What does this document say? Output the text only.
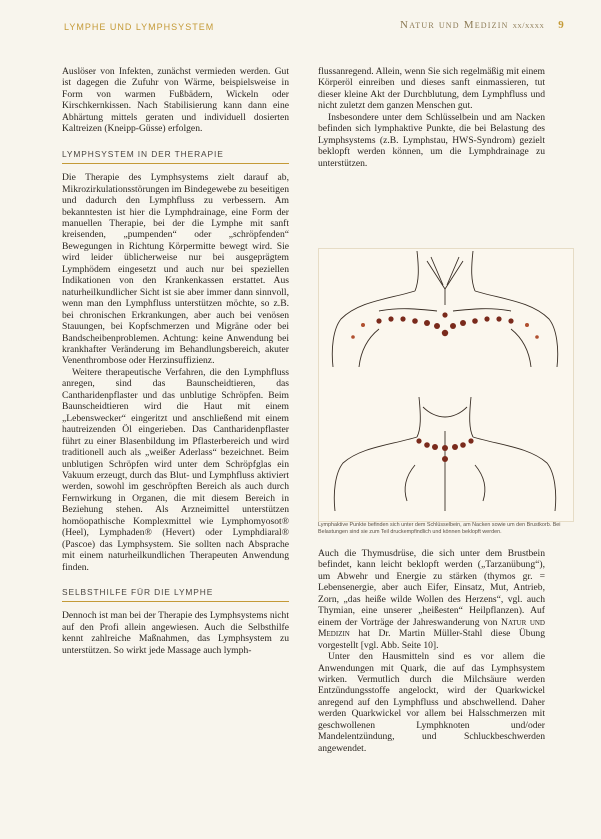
LYMPHE UND LYMPHSYSTEM	Natur und Medizin xx/xxxx 9

Auslöser von Infekten, zunächst vermieden werden. Gut ist dagegen die Zufuhr von Wärme, beispielsweise in Form von warmen Fußbädern, Wickeln oder Kirschkernkissen. Nach Stabilisierung kann dann eine Abhärtung mittels geraten und individuell dosierten Kaltreizen (Kneipp-Güsse) erfolgen.

LYMPHSYSTEM IN DER THERAPIE

Die Therapie des Lymphsystems zielt darauf ab, Mikrozirkulationsstörungen im Bindegewebe zu beseitigen und dadurch den Lymphfluss zu verbessern. Am bekanntesten ist hier die Lymphdrainage, eine Form der manuellen Therapie, bei der die Lymphe mit sanft kreisenden, „pumpenden“ oder „schröpfenden“ Bewegungen in Richtung Körpermitte bewegt wird. Sie wird leider üblicherweise nur bei ausgeprägtem Lymphödem eingesetzt und auch nur bei speziellen Indikationen von den Krankenkassen erstattet. Aus naturheilkundlicher Sicht ist sie aber immer dann sinnvoll, wenn man den Lymphfluss unterstützen möchte, so z.B. bei chronischen Erkrankungen, aber auch bei venösen Stauungen, bei Kopfschmerzen und Migräne oder bei Bandscheibenproblemen. Achtung: keine Anwendung bei krankhafter Veränderung im Behandlungsbereich, akuter Venenthrombose oder Herzinsuffizienz.

Weitere therapeutische Verfahren, die den Lymphfluss anregen, sind das Baunscheidtieren, das Cantharidenpflaster und das unblutige Schröpfen. Beim Baunscheidtieren wird die Haut mit einem „Lebenswecker“ eingeritzt und anschließend mit einem hautreizenden Öl eingerieben. Das Cantharidenpflaster führt zu einer Blasenbildung im Pflasterbereich und wird traditionell auch als „weißer Aderlass“ bezeichnet. Beim unblutigen Schröpfen wird unter dem Schröpfglas ein Vakuum erzeugt, durch das Blut- und Lymphfluss aktiviert werden, sowohl im geschröpften Bereich als auch durch Fernwirkung in Organen, die mit diesem Bereich in Beziehung stehen. Als Arzneimittel unterstützen homöopathische Komplexmittel wie Lymphomyosot® (Heel), Lymphaden® (Hevert) oder Lymphdiaral® (Pascoe) das Lymphsystem. Sie sollten nach Absprache mit einem naturheilkundlichen Therapeuten Anwendung finden.

SELBSTHILFE FÜR DIE LYMPHE

Dennoch ist man bei der Therapie des Lymphsystems nicht auf den Profi allein angewiesen. Auch die Selbsthilfe kennt zahlreiche Maßnahmen, das Lymphsystem zu unterstützen. So wirkt jede Massage auch lymph-

flussanregend. Allein, wenn Sie sich regelmäßig mit einem Körperöl einreiben und dieses sanft einmassieren, tut dieser kleine Akt der Durchblutung, dem Lymphfluss und nicht zuletzt dem ganzen Menschen gut.

Insbesondere unter dem Schlüsselbein und am Nacken befinden sich lymphaktive Punkte, die bei Belastung des Lymphsystems (z.B. Lymphstau, HWS-Syndrom) gezielt beklopft werden können, um die Lymphdrainage zu unterstützen.

Lymphaktive Punkte befinden sich unter dem Schlüsselbein, am Nacken sowie um den Brustkorb. Bei Belastungen sind sie zum Teil druckempfindlich und können beklopft werden.

Auch die Thymusdrüse, die sich unter dem Brustbein befindet, kann leicht beklopft werden („Tarzanübung“), um Abwehr und Energie zu stärken (thymos gr. = Lebensenergie, aber auch Eifer, Einsatz, Mut, Antrieb, Zorn, „das heiße wilde Wollen des Herzens“, vgl. auch Thymian, eine unserer „heißesten“ Heilpflanzen). Auf einem der Vorträge der Jahreswanderung von Natur und Medizin hat Dr. Martin Müller-Stahl diese Übung vorgestellt [vgl. Abb. Seite 10].

Unter den Hausmitteln sind es vor allem die Anwendungen mit Quark, die auf das Lymphsystem wirken. Vermutlich durch die Milchsäure werden Entzündungsstoffe angelockt, wird der Quarkwickel anregend auf den Lymphfluss und abschwellend. Daher werden Quarkwickel vor allem bei Halsschmerzen mit geschwollenen Lymphknoten und/oder Mandelentzündung, und Schluckbeschwerden angewendet.
